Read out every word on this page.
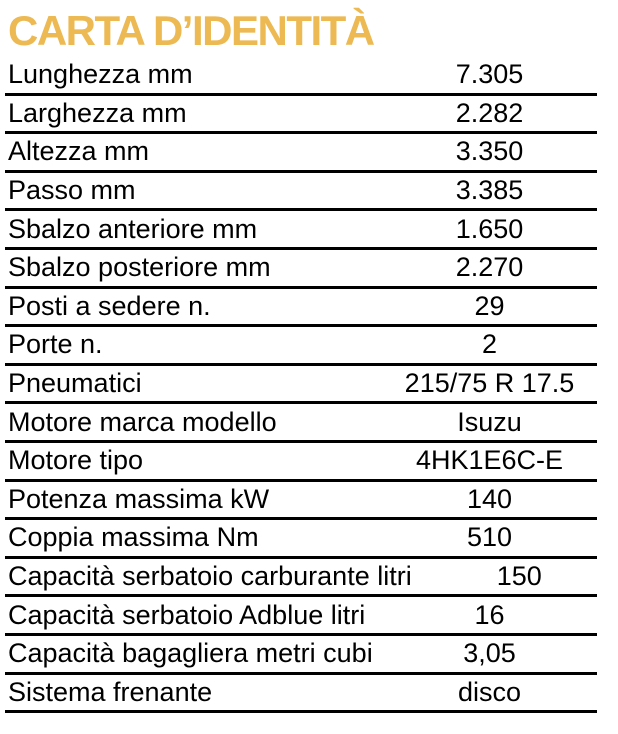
CARTA D’IDENTITÀ
Lunghezza mm	7.305
Larghezza mm	2.282
Altezza mm	3.350
Passo mm	3.385
Sbalzo anteriore mm	1.650
Sbalzo posteriore mm	2.270
Posti a sedere n.	29
Porte n.	2
Pneumatici	215/75 R 17.5
Motore marca modello	Isuzu
Motore tipo	4HK1E6C-E
Potenza massima kW	140
Coppia massima Nm	510
Capacità serbatoio carburante litri	150
Capacità serbatoio Adblue litri	16
Capacità bagagliera metri cubi	3,05
Sistema frenante	disco
